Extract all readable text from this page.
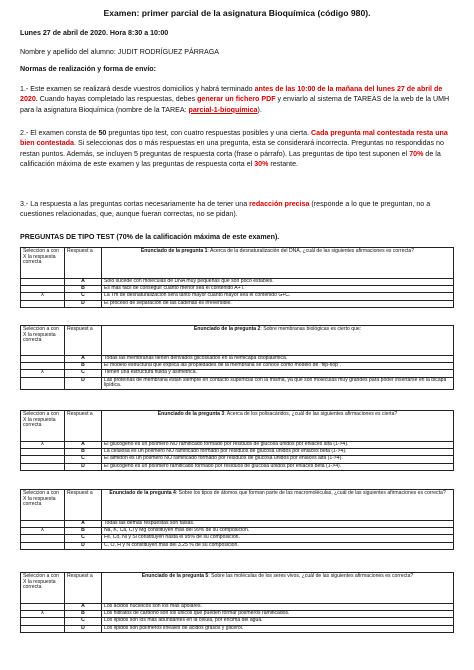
Examen: primer parcial de la asignatura Bioquímica (código 980).
Lunes 27 de abril de 2020. Hora 8:30 a 10:00
Nombre y apellido del alumno: JUDIT RODRÍGUEZ PÁRRAGA
Normas de realización y forma de envío:
1.- Este examen se realizará desde vuestros domicilios y habrá terminado antes de las 10:00 de la mañana del lunes 27 de abril de 2020. Cuando hayas completado las respuestas, debes generar un fichero PDF y enviarlo al sistema de TAREAS de la web de la UMH para la asignatura Bioquímica (nombre de la TAREA: parcial-1-bioquímica).
2.- El examen consta de 50 preguntas tipo test, con cuatro respuestas posibles y una cierta. Cada pregunta mal contestada resta una bien contestada. Si seleccionas dos o más respuestas en una pregunta, esta se considerará incorrecta. Preguntas no respondidas no restan puntos. Además, se incluyen 5 preguntas de respuesta corta (frase o párrafo). Las preguntas de tipo test suponen el 70% de la calificación máxima de este examen y las preguntas de respuesta corta el 30% restante.
3.- La respuesta a las preguntas cortas necesariamente ha de tener una redacción precisa (responde a lo que te preguntan, no a cuestiones relacionadas, que, aunque fueran correctas, no se pidan).
PREGUNTAS DE TIPO TEST (70% de la calificación máxima de este examen).
Seleccion a con X la respuesta correcta	Respuest a	Enunciado de la pregunta 1: Acerca de la desnaturalización del DNA, ¿cuál de las siguientes afirmaciones es correcta?
	A	Solo sucede con moléculas de DNA muy pequeñas que son poco estables.
	B	Es más fácil de conseguir cuanto menor sea el contenido A+T.
X	C	La Tm de desnaturalización será tanto mayor cuanto mayor sea el contenido G+C.
	D	El proceso de separación de las cadenas es irreversible.
Seleccion a con X la respuesta correcta	Respuest a	Enunciado de la pregunta 2: Sobre membranas biológicas es cierto que:
	A	Todas las membranas tienen derivados glicosilados en la hemicapa citoplásmica.
	B	El modelo estructural que explica las propiedades de la membrana se conoce como modelo de "flip-flop".
X	C	Tienen una estructura fluida y asimétrica.
	D	Las proteínas de membrana están siempre en contacto superficial con la misma, ya que son moléculas muy grandes para poder insertarse en la bicapa lipídica.
Seleccion a con X la respuesta correcta	Respuest a	Enunciado de la pregunta 3: Acerca de los polisacáridos, ¿cuál de las siguientes afirmaciones es cierta?
X	A	El glucógeno es un polímero NO ramificado formado por residuos de glucosa unidos por enlaces alfa (1->4).
	B	La celulosa es un polímero NO ramificado formado por residuos de glucosa unidos por enlaces beta (1->4).
	C	El almidón es un polímero NO ramificado formado por residuos de glucosa unidos por enlaces alfa (1->4).
	D	El glucógeno es un polímero ramificado formado por residuos de glucosa unidos por enlaces beta (1->4).
Seleccion a con X la respuesta correcta	Respuest a	Enunciado de la pregunta 4: Sobre los tipos de átomos que forman parte de las macromoléculas, ¿cuál de las siguientes afirmaciones es correcta?
	A	Todas las demás respuestas son falsas.
X	B	Na, K, Ca, Cl y Mg constituyen más del 99% de su composición.
	C	Fe, Co, Ni y Si constituyen hasta el 95% de su composición.
	D	C, O, H y N constituyen más del 3.25 % de su composición.
Seleccion a con X la respuesta correcta	Respuest a	Enunciado de la pregunta 5: Sobre las moléculas de los seres vivos, ¿cuál de las siguientes afirmaciones es correcta?
	A	Los ácidos nucleicos son los más apolares.
X	B	Los hidratos de carbono son los únicos que pueden formar polímeros ramificados.
	C	Los lípidos son los más abundantes en la célula, por encima del agua.
	D	Los lípidos son polímeros lineales de ácidos grasos y glicerol.
